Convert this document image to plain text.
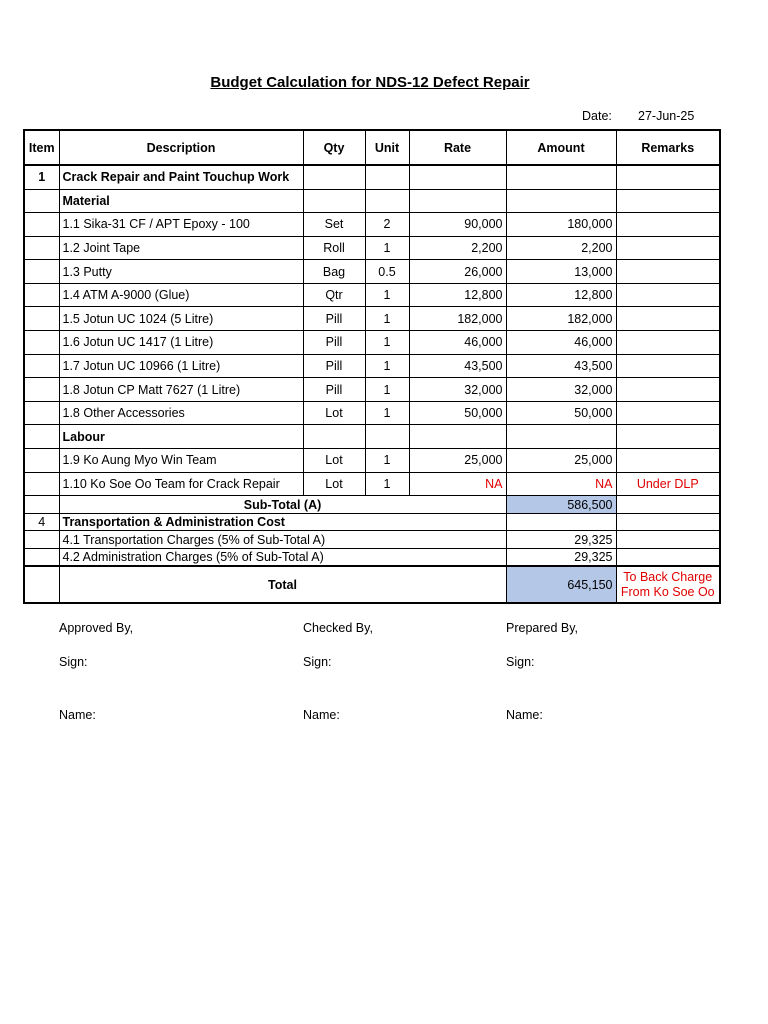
Budget Calculation for NDS-12 Defect Repair
Date: 27-Jun-25
Item	Description	Qty	Unit	Rate	Amount	Remarks
1	Crack Repair and Paint Touchup Work					
	Material					
	1.1 Sika-31 CF / APT Epoxy - 100	Set	2	90,000	180,000	
	1.2 Joint Tape	Roll	1	2,200	2,200	
	1.3 Putty	Bag	0.5	26,000	13,000	
	1.4 ATM A-9000 (Glue)	Qtr	1	12,800	12,800	
	1.5 Jotun UC 1024 (5 Litre)	Pill	1	182,000	182,000	
	1.6 Jotun UC 1417 (1 Litre)	Pill	1	46,000	46,000	
	1.7 Jotun UC 10966 (1 Litre)	Pill	1	43,500	43,500	
	1.8 Jotun CP Matt 7627 (1 Litre)	Pill	1	32,000	32,000	
	1.8 Other Accessories	Lot	1	50,000	50,000	
	Labour					
	1.9 Ko Aung Myo Win Team	Lot	1	25,000	25,000	
	1.10 Ko Soe Oo Team for Crack Repair	Lot	1	NA	NA	Under DLP
	Sub-Total (A)				586,500	
4	Transportation & Administration Cost					
	4.1 Transportation Charges (5% of Sub-Total A)				29,325	
	4.2 Administration Charges (5% of Sub-Total A)				29,325	
	Total				645,150	To Back Charge
From Ko Soe Oo
Approved By,	Checked By,	Prepared By,
Sign:	Sign:	Sign:
Name:	Name:	Name:
